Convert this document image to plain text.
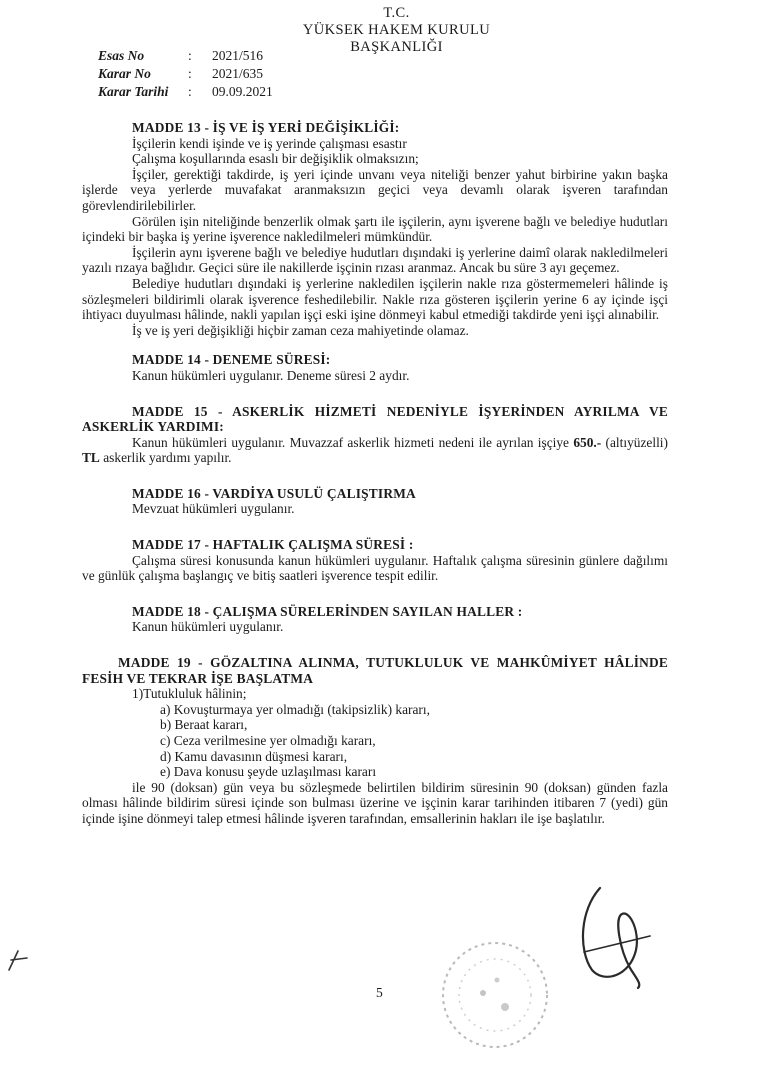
T.C.
YÜKSEK HAKEM KURULU
BAŞKANLIĞI
Esas No	:	2021/516
Karar No	:	2021/635
Karar Tarihi	:	09.09.2021

MADDE 13 - İŞ VE İŞ YERİ DEĞİŞİKLİĞİ:

İşçilerin kendi işinde ve iş yerinde çalışması esastır

Çalışma koşullarında esaslı bir değişiklik olmaksızın;

İşçiler, gerektiği takdirde, iş yeri içinde unvanı veya niteliği benzer yahut birbirine yakın başka işlerde veya yerlerde muvafakat aranmaksızın geçici veya devamlı olarak işveren tarafından görevlendirilebilirler.

Görülen işin niteliğinde benzerlik olmak şartı ile işçilerin, aynı işverene bağlı ve belediye hudutları içindeki bir başka iş yerine işverence nakledilmeleri mümkündür.

İşçilerin aynı işverene bağlı ve belediye hudutları dışındaki iş yerlerine daimî olarak nakledilmeleri yazılı rızaya bağlıdır. Geçici süre ile nakillerde işçinin rızası aranmaz. Ancak bu süre 3 ayı geçemez.

Belediye hudutları dışındaki iş yerlerine nakledilen işçilerin nakle rıza göstermemeleri hâlinde iş sözleşmeleri bildirimli olarak işverence feshedilebilir. Nakle rıza gösteren işçilerin yerine 6 ay içinde işçi ihtiyacı duyulması hâlinde, nakli yapılan işçi eski işine dönmeyi kabul etmediği takdirde yeni işçi alınabilir.

İş ve iş yeri değişikliği hiçbir zaman ceza mahiyetinde olamaz.

MADDE 14 - DENEME SÜRESİ:

Kanun hükümleri uygulanır. Deneme süresi 2 aydır.

MADDE 15 - ASKERLİK HİZMETİ NEDENİYLE İŞYERİNDEN AYRILMA VE ASKERLİK YARDIMI:

Kanun hükümleri uygulanır. Muvazzaf askerlik hizmeti nedeni ile ayrılan işçiye 650.- (altıyüzelli) TL askerlik yardımı yapılır.

MADDE 16 - VARDİYA USULÜ ÇALIŞTIRMA

Mevzuat hükümleri uygulanır.

MADDE 17 - HAFTALIK ÇALIŞMA SÜRESİ :

Çalışma süresi konusunda kanun hükümleri uygulanır. Haftalık çalışma süresinin günlere dağılımı ve günlük çalışma başlangıç ve bitiş saatleri işverence tespit edilir.

MADDE 18 - ÇALIŞMA SÜRELERİNDEN SAYILAN HALLER :

Kanun hükümleri uygulanır.

MADDE 19 - GÖZALTINA ALINMA, TUTUKLULUK VE MAHKÛMİYET HÂLİNDE FESİH VE TEKRAR İŞE BAŞLATMA

1)Tutukluluk hâlinin;

a) Kovuşturmaya yer olmadığı (takipsizlik) kararı,

b) Beraat kararı,

c) Ceza verilmesine yer olmadığı kararı,

d) Kamu davasının düşmesi kararı,

e) Dava konusu şeyde uzlaşılması kararı

ile 90 (doksan) gün veya bu sözleşmede belirtilen bildirim süresinin 90 (doksan) günden fazla olması hâlinde bildirim süresi içinde son bulması üzerine ve işçinin karar tarihinden itibaren 7 (yedi) gün içinde işine dönmeyi talep etmesi hâlinde işveren tarafından, emsallerinin hakları ile işe başlatılır.

5
